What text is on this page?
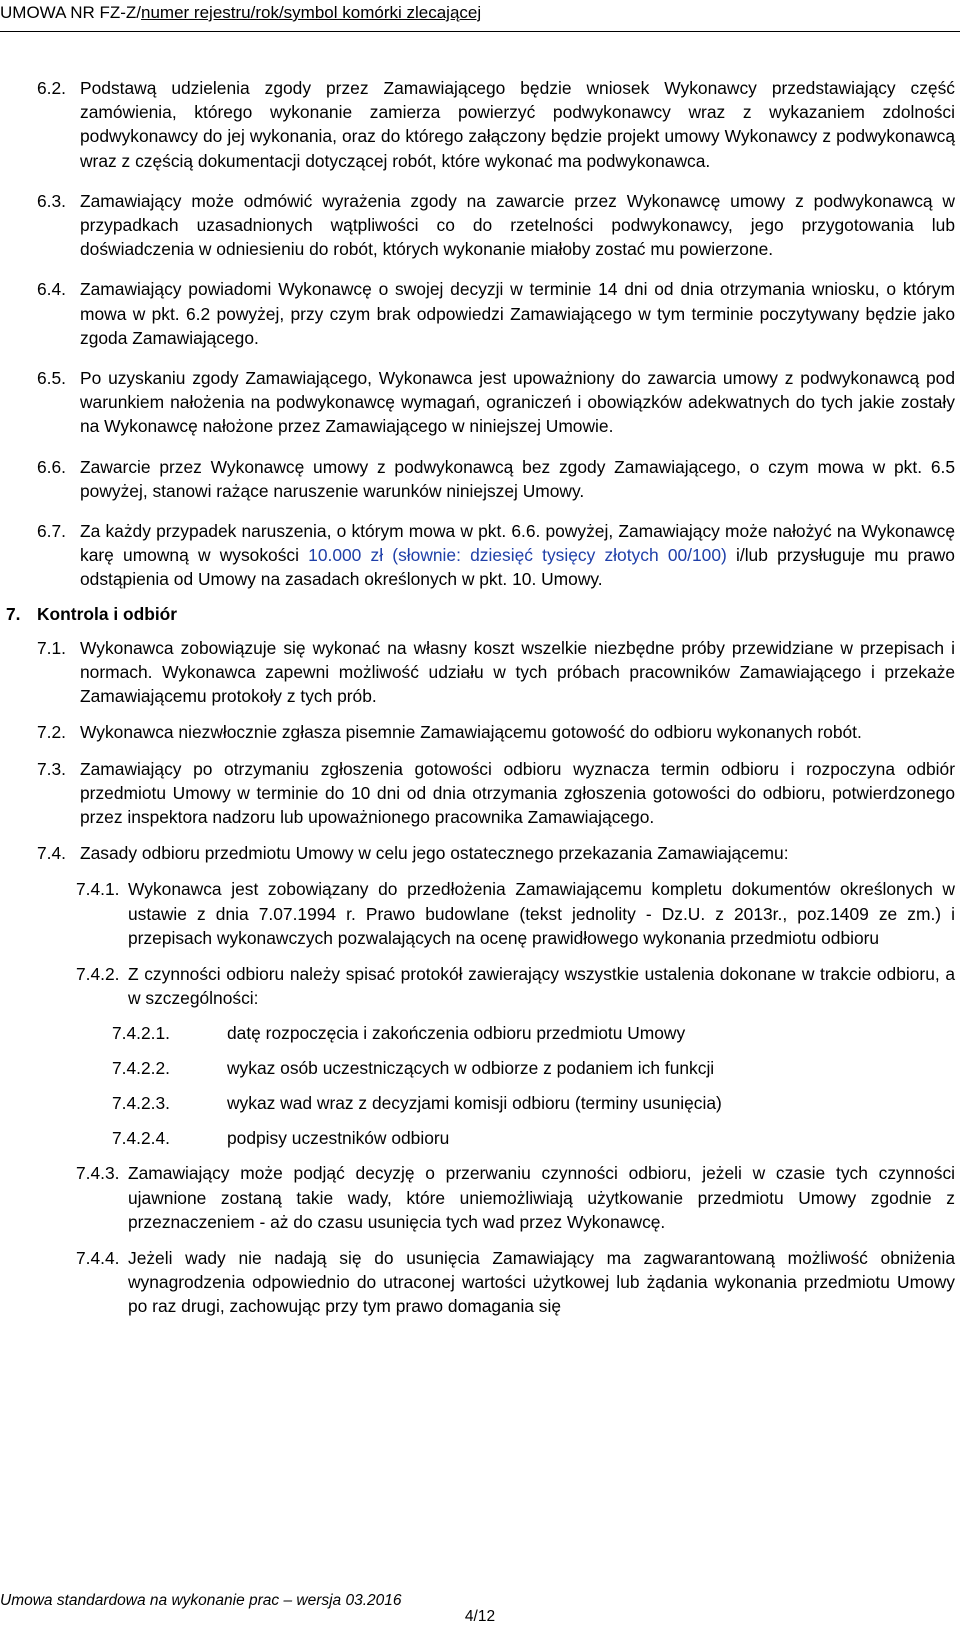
UMOWA NR FZ-Z/numer rejestru/rok/symbol komórki zlecającej
6.2. Podstawą udzielenia zgody przez Zamawiającego będzie wniosek Wykonawcy przedstawiający część zamówienia, którego wykonanie zamierza powierzyć podwykonawcy wraz z wykazaniem zdolności podwykonawcy do jej wykonania, oraz do którego załączony będzie projekt umowy Wykonawcy z podwykonawcą wraz z częścią dokumentacji dotyczącej robót, które wykonać ma podwykonawca.
6.3. Zamawiający może odmówić wyrażenia zgody na zawarcie przez Wykonawcę umowy z podwykonawcą w przypadkach uzasadnionych wątpliwości co do rzetelności podwykonawcy, jego przygotowania lub doświadczenia w odniesieniu do robót, których wykonanie miałoby zostać mu powierzone.
6.4. Zamawiający powiadomi Wykonawcę o swojej decyzji w terminie 14 dni od dnia otrzymania wniosku, o którym mowa w pkt. 6.2 powyżej, przy czym brak odpowiedzi Zamawiającego w tym terminie poczytywany będzie jako zgoda Zamawiającego.
6.5. Po uzyskaniu zgody Zamawiającego, Wykonawca jest upoważniony do zawarcia umowy z podwykonawcą pod warunkiem nałożenia na podwykonawcę wymagań, ograniczeń i obowiązków adekwatnych do tych jakie zostały na Wykonawcę nałożone przez Zamawiającego w niniejszej Umowie.
6.6. Zawarcie przez Wykonawcę umowy z podwykonawcą bez zgody Zamawiającego, o czym mowa w pkt. 6.5 powyżej, stanowi rażące naruszenie warunków niniejszej Umowy.
6.7. Za każdy przypadek naruszenia, o którym mowa w pkt. 6.6. powyżej, Zamawiający może nałożyć na Wykonawcę karę umowną w wysokości 10.000 zł (słownie: dziesięć tysięcy złotych 00/100) i/lub przysługuje mu prawo odstąpienia od Umowy na zasadach określonych w pkt. 10. Umowy.
7. Kontrola i odbiór
7.1. Wykonawca zobowiązuje się wykonać na własny koszt wszelkie niezbędne próby przewidziane w przepisach i normach. Wykonawca zapewni możliwość udziału w tych próbach pracowników Zamawiającego i przekaże Zamawiającemu protokoły z tych prób.
7.2. Wykonawca niezwłocznie zgłasza pisemnie Zamawiającemu gotowość do odbioru wykonanych robót.
7.3. Zamawiający po otrzymaniu zgłoszenia gotowości odbioru wyznacza termin odbioru i rozpoczyna odbiór przedmiotu Umowy w terminie do 10 dni od dnia otrzymania zgłoszenia gotowości do odbioru, potwierdzonego przez inspektora nadzoru lub upoważnionego pracownika Zamawiającego.
7.4. Zasady odbioru przedmiotu Umowy w celu jego ostatecznego przekazania Zamawiającemu:
7.4.1. Wykonawca jest zobowiązany do przedłożenia Zamawiającemu kompletu dokumentów określonych w ustawie z dnia 7.07.1994 r. Prawo budowlane (tekst jednolity - Dz.U. z 2013r., poz.1409 ze zm.) i przepisach wykonawczych pozwalających na ocenę prawidłowego wykonania przedmiotu odbioru
7.4.2. Z czynności odbioru należy spisać protokół zawierający wszystkie ustalenia dokonane w trakcie odbioru, a w szczególności:
7.4.2.1.	datę rozpoczęcia i zakończenia odbioru przedmiotu Umowy
7.4.2.2.	wykaz osób uczestniczących w odbiorze z podaniem ich funkcji
7.4.2.3.	wykaz wad wraz z decyzjami komisji odbioru (terminy usunięcia)
7.4.2.4.	podpisy uczestników odbioru
7.4.3. Zamawiający może podjąć decyzję o przerwaniu czynności odbioru, jeżeli w czasie tych czynności ujawnione zostaną takie wady, które uniemożliwiają użytkowanie przedmiotu Umowy zgodnie z przeznaczeniem - aż do czasu usunięcia tych wad przez Wykonawcę.
7.4.4. Jeżeli wady nie nadają się do usunięcia Zamawiający ma zagwarantowaną możliwość obniżenia wynagrodzenia odpowiednio do utraconej wartości użytkowej lub żądania wykonania przedmiotu Umowy po raz drugi, zachowując przy tym prawo domagania się
Umowa standardowa na wykonanie prac – wersja 03.2016
4/12
